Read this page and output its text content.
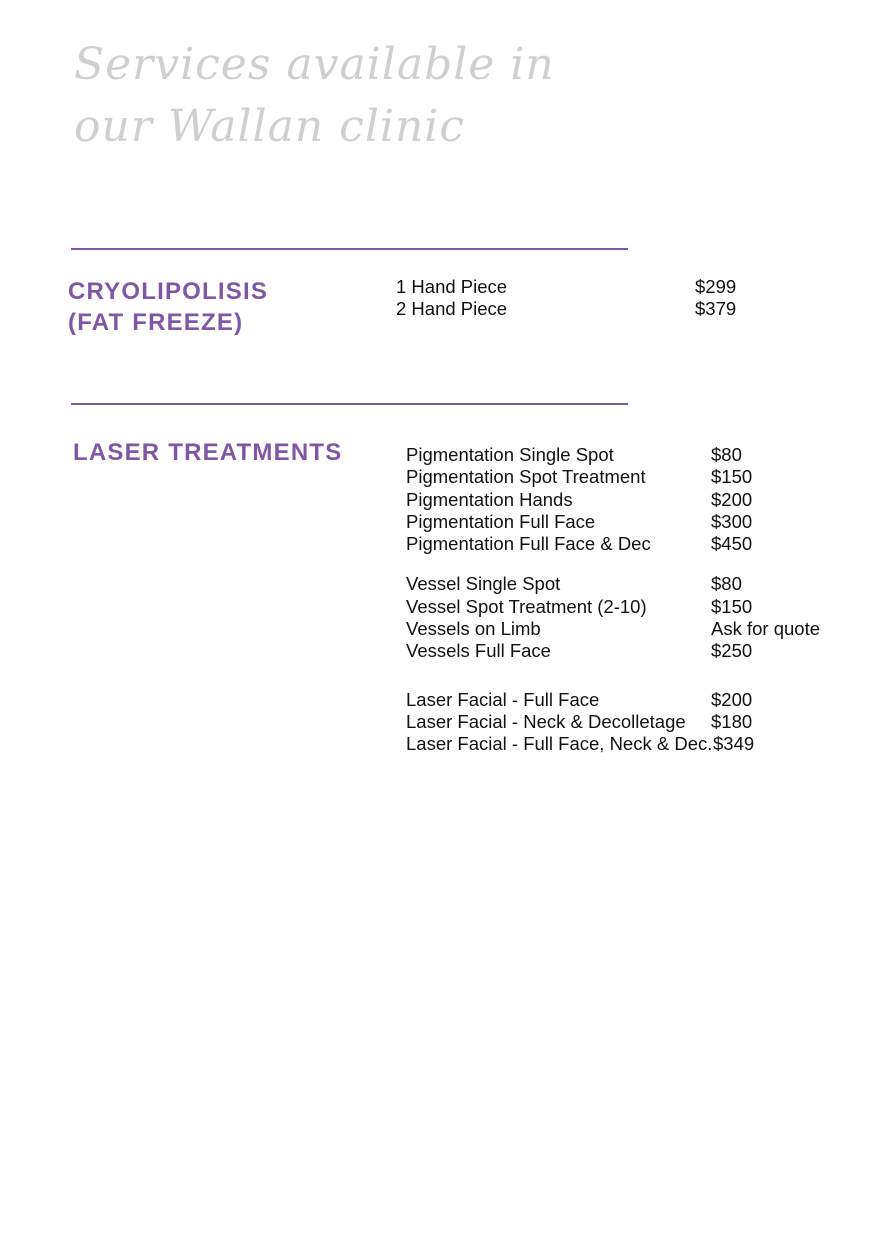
Services available in
our Wallan clinic
CRYOLIPOLISIS
(FAT FREEZE)
1 Hand Piece	$299
2 Hand Piece	$379
LASER TREATMENTS	Pigmentation Single Spot	$80
Pigmentation Spot Treatment	$150
Pigmentation Hands	$200
Pigmentation Full Face	$300
Pigmentation Full Face & Dec	$450
Vessel Single Spot	$80
Vessel Spot Treatment (2-10)	$150
Vessels on Limb	Ask for quote
Vessels Full Face	$250
Laser Facial - Full Face	$200
Laser Facial - Neck & Decolletage $180
Laser Facial - Full Face, Neck & Dec. $349
